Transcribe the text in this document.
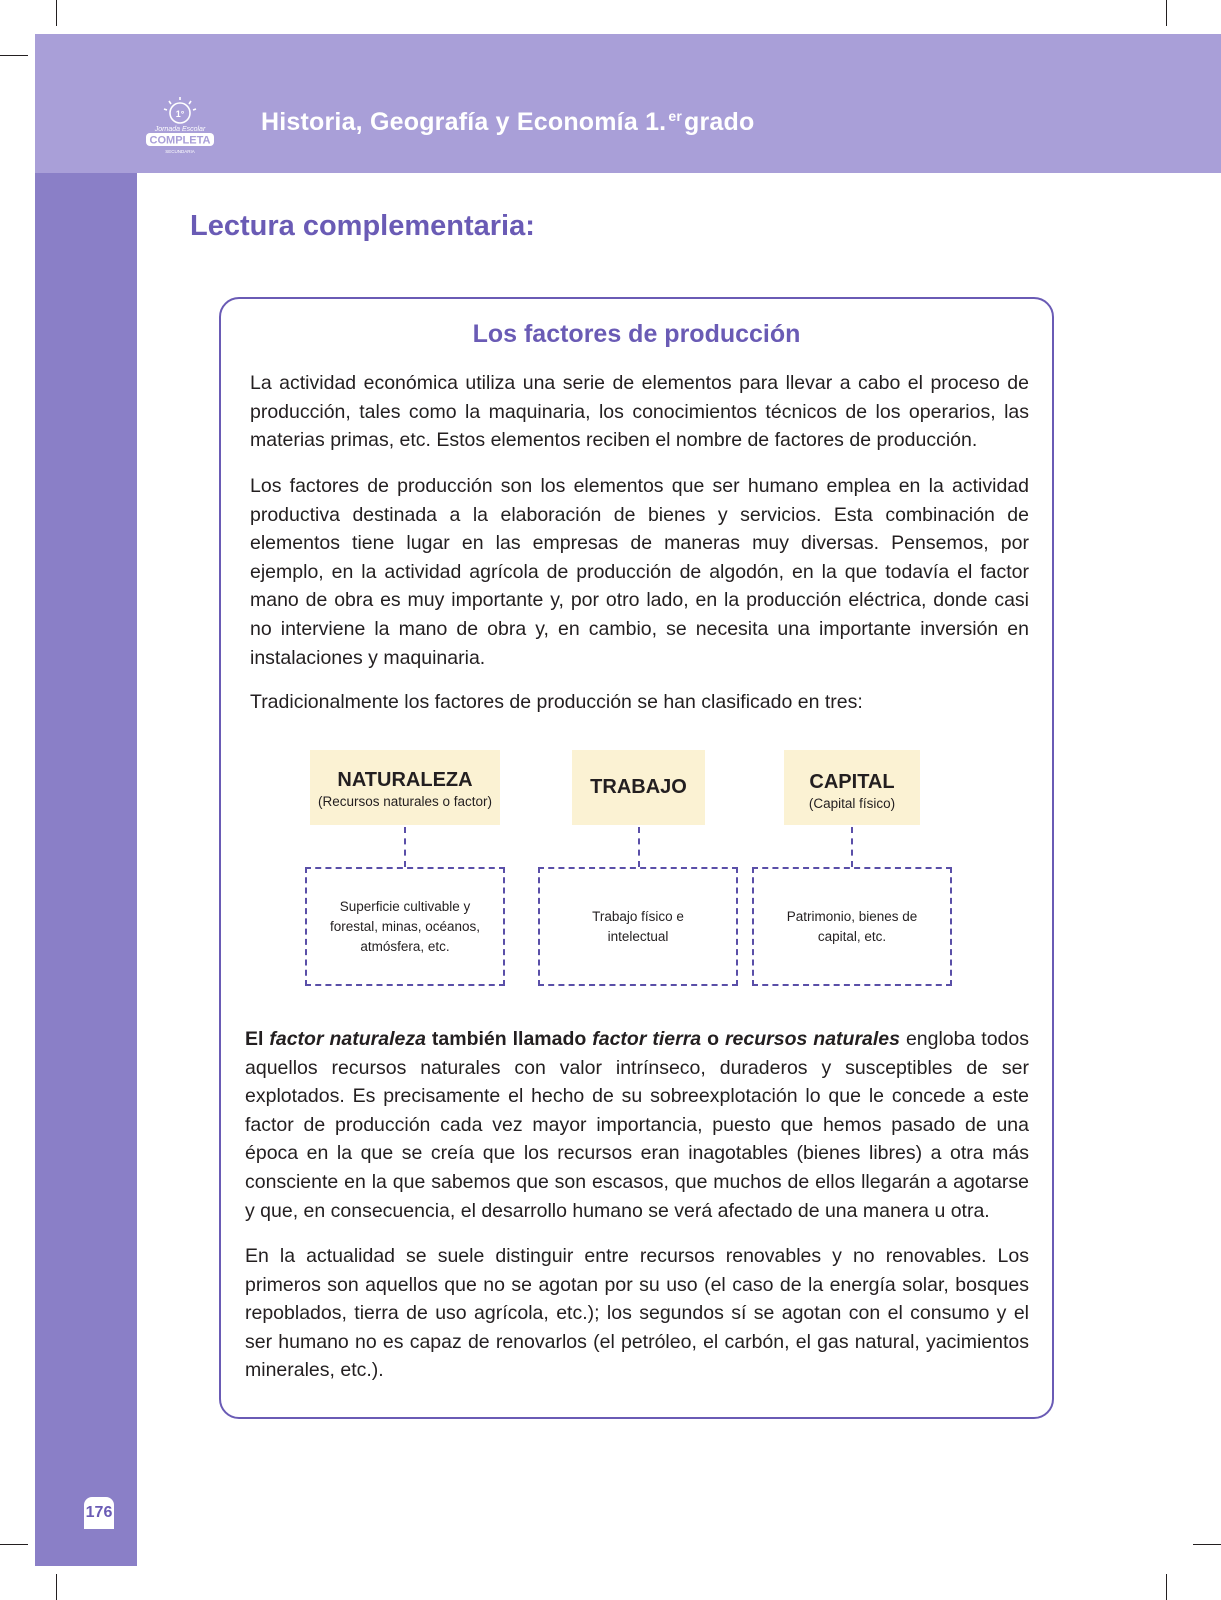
1°
Jornada Escolar
COMPLETA
SECUNDARIA
Historia, Geografía y Economía 1. $^{er}$grado
Lectura complementaria:
Los factores de producción
La actividad económica utiliza una serie de elementos para llevar a cabo el proceso de producción, tales como la maquinaria, los conocimientos técnicos de los operarios, las materias primas, etc. Estos elementos reciben el nombre de factores de producción.
Los factores de producción son los elementos que ser humano emplea en la actividad productiva destinada a la elaboración de bienes y servicios. Esta combinación de elementos tiene lugar en las empresas de maneras muy diversas. Pensemos, por ejemplo, en la actividad agrícola de producción de algodón, en la que todavía el factor mano de obra es muy importante y, por otro lado, en la producción eléctrica, donde casi no interviene la mano de obra y, en cambio, se necesita una importante inversión en instalaciones y maquinaria.
Tradicionalmente los factores de producción se han clasificado en tres:
NATURALEZA
(Recursos naturales o factor)
TRABAJO	CAPITAL
(Capital físico)
Superficie cultivable y forestal, minas, océanos, atmósfera, etc.
Trabajo físico e intelectual
Patrimonio, bienes de capital, etc.
El factor naturaleza también llamado factor tierra o recursos naturales engloba todos aquellos recursos naturales con valor intrínseco, duraderos y susceptibles de ser explotados. Es precisamente el hecho de su sobreexplotación lo que le concede a este factor de producción cada vez mayor importancia, puesto que hemos pasado de una época en la que se creía que los recursos eran inagotables (bienes libres) a otra más consciente en la que sabemos que son escasos, que muchos de ellos llegarán a agotarse y que, en consecuencia, el desarrollo humano se verá afectado de una manera u otra.
En la actualidad se suele distinguir entre recursos renovables y no renovables. Los primeros son aquellos que no se agotan por su uso (el caso de la energía solar, bosques repoblados, tierra de uso agrícola, etc.); los segundos sí se agotan con el consumo y el ser humano no es capaz de renovarlos (el petróleo, el carbón, el gas natural, yacimientos minerales, etc.).
176
